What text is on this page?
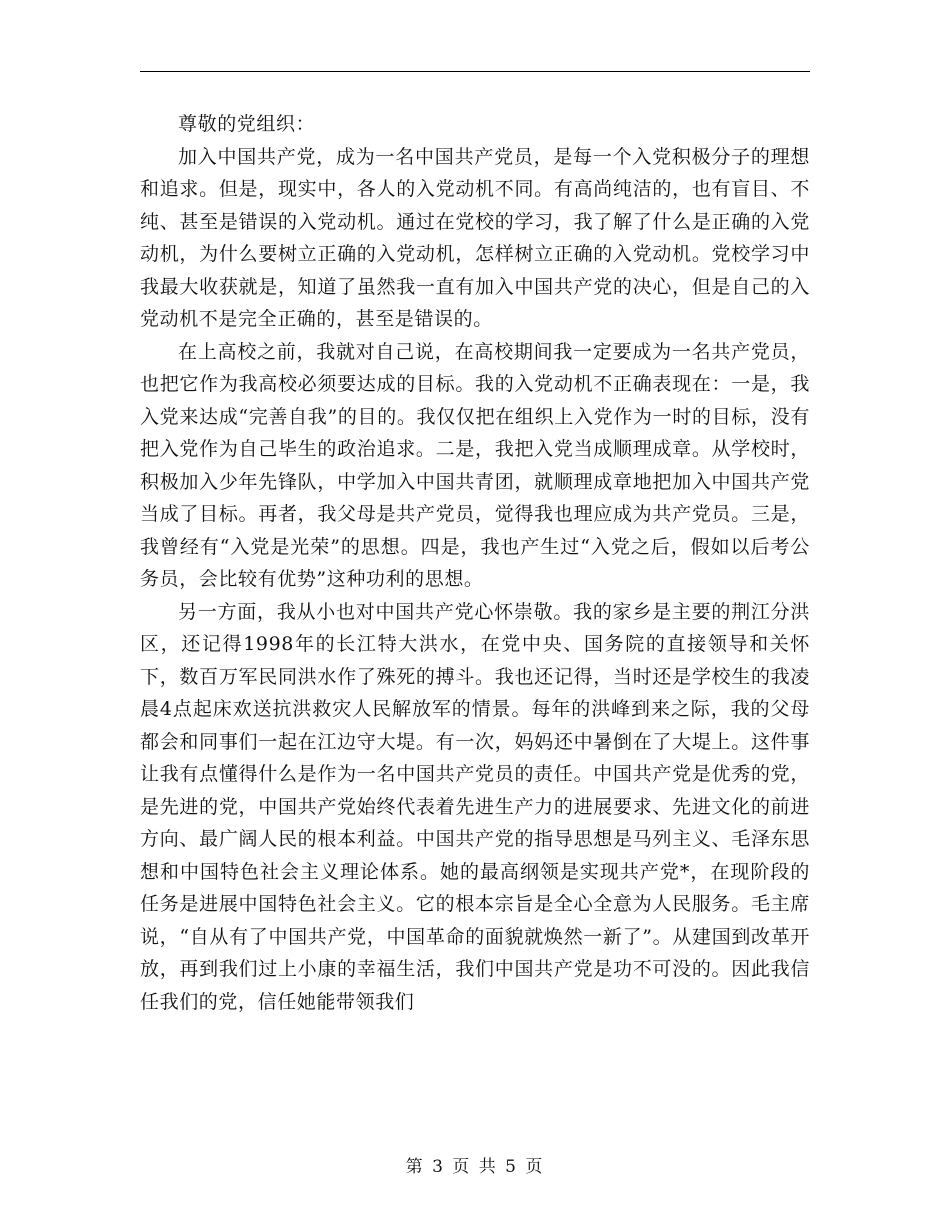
尊敬的党组织：

加入中国共产党，成为一名中国共产党员，是每一个入党积极分子的理想和追求。但是，现实中，各人的入党动机不同。有高尚纯洁的，也有盲目、不纯、甚至是错误的入党动机。通过在党校的学习，我了解了什么是正确的入党动机，为什么要树立正确的入党动机，怎样树立正确的入党动机。党校学习中我最大收获就是，知道了虽然我一直有加入中国共产党的决心，但是自己的入党动机不是完全正确的，甚至是错误的。

在上高校之前，我就对自己说，在高校期间我一定要成为一名共产党员，也把它作为我高校必须要达成的目标。我的入党动机不正确表现在：一是，我入党来达成“完善自我”的目的。我仅仅把在组织上入党作为一时的目标，没有把入党作为自己毕生的政治追求。二是，我把入党当成顺理成章。从学校时，积极加入少年先锋队，中学加入中国共青团，就顺理成章地把加入中国共产党当成了目标。再者，我父母是共产党员，觉得我也理应成为共产党员。三是，我曾经有“入党是光荣”的思想。四是，我也产生过“入党之后，假如以后考公务员，会比较有优势”这种功利的思想。

另一方面，我从小也对中国共产党心怀崇敬。我的家乡是主要的荆江分洪区，还记得1998年的长江特大洪水，在党中央、国务院的直接领导和关怀下，数百万军民同洪水作了殊死的搏斗。我也还记得，当时还是学校生的我凌晨4点起床欢送抗洪救灾人民解放军的情景。每年的洪峰到来之际，我的父母都会和同事们一起在江边守大堤。有一次，妈妈还中暑倒在了大堤上。这件事让我有点懂得什么是作为一名中国共产党员的责任。中国共产党是优秀的党，是先进的党，中国共产党始终代表着先进生产力的进展要求、先进文化的前进方向、最广阔人民的根本利益。中国共产党的指导思想是马列主义、毛泽东思想和中国特色社会主义理论体系。她的最高纲领是实现共产党*，在现阶段的任务是进展中国特色社会主义。它的根本宗旨是全心全意为人民服务。毛主席说，“自从有了中国共产党，中国革命的面貌就焕然一新了”。从建国到改革开放，再到我们过上小康的幸福生活，我们中国共产党是功不可没的。因此我信任我们的党，信任她能带领我们

第 3 页 共 5 页
